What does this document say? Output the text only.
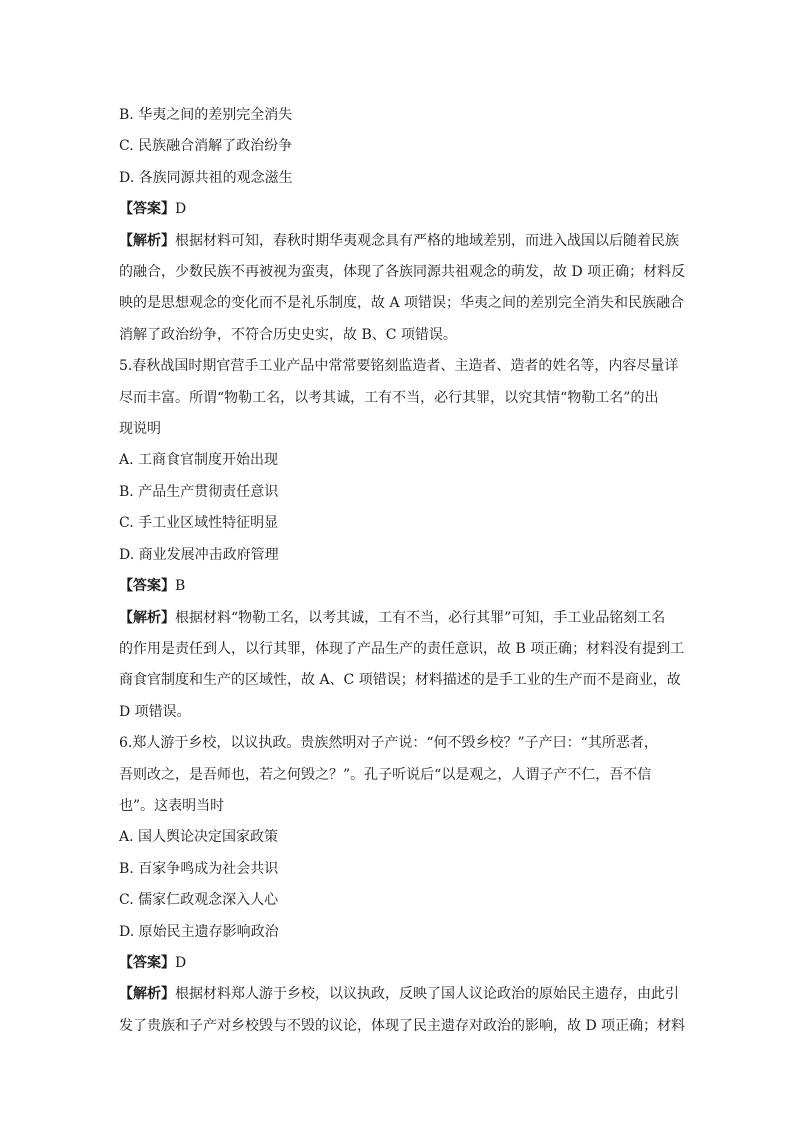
B. 华夷之间的差别完全消失
C. 民族融合消解了政治纷争
D. 各族同源共祖的观念滋生
【答案】D
【解析】根据材料可知，春秋时期华夷观念具有严格的地域差别，而进入战国以后随着民族
的融合，少数民族不再被视为蛮夷，体现了各族同源共祖观念的萌发，故 D 项正确；材料反
映的是思想观念的变化而不是礼乐制度，故 A 项错误；华夷之间的差别完全消失和民族融合
消解了政治纷争，不符合历史史实，故 B、C 项错误。
5.春秋战国时期官营手工业产品中常常要铭刻监造者、主造者、造者的姓名等，内容尽量详
尽而丰富。所谓“物勒工名，以考其诚，工有不当，必行其罪，以究其情“物勒工名”的出
现说明
A. 工商食官制度开始出现
B. 产品生产贯彻责任意识
C. 手工业区域性特征明显
D. 商业发展冲击政府管理
【答案】B
【解析】根据材料“物勒工名，以考其诚，工有不当，必行其罪”可知，手工业品铭刻工名
的作用是责任到人，以行其罪，体现了产品生产的责任意识，故 B 项正确；材料没有提到工
商食官制度和生产的区域性，故 A、C 项错误；材料描述的是手工业的生产而不是商业，故
D 项错误。
6.郑人游于乡校，以议执政。贵族然明对子产说：“何不毁乡校？”子产曰：“其所恶者，
吾则改之，是吾师也，若之何毁之？”。孔子听说后“以是观之，人谓子产不仁，吾不信
也”。这表明当时
A. 国人舆论决定国家政策
B. 百家争鸣成为社会共识
C. 儒家仁政观念深入人心
D. 原始民主遗存影响政治
【答案】D
【解析】根据材料郑人游于乡校，以议执政，反映了国人议论政治的原始民主遗存，由此引
发了贵族和子产对乡校毁与不毁的议论，体现了民主遗存对政治的影响，故 D 项正确；材料
